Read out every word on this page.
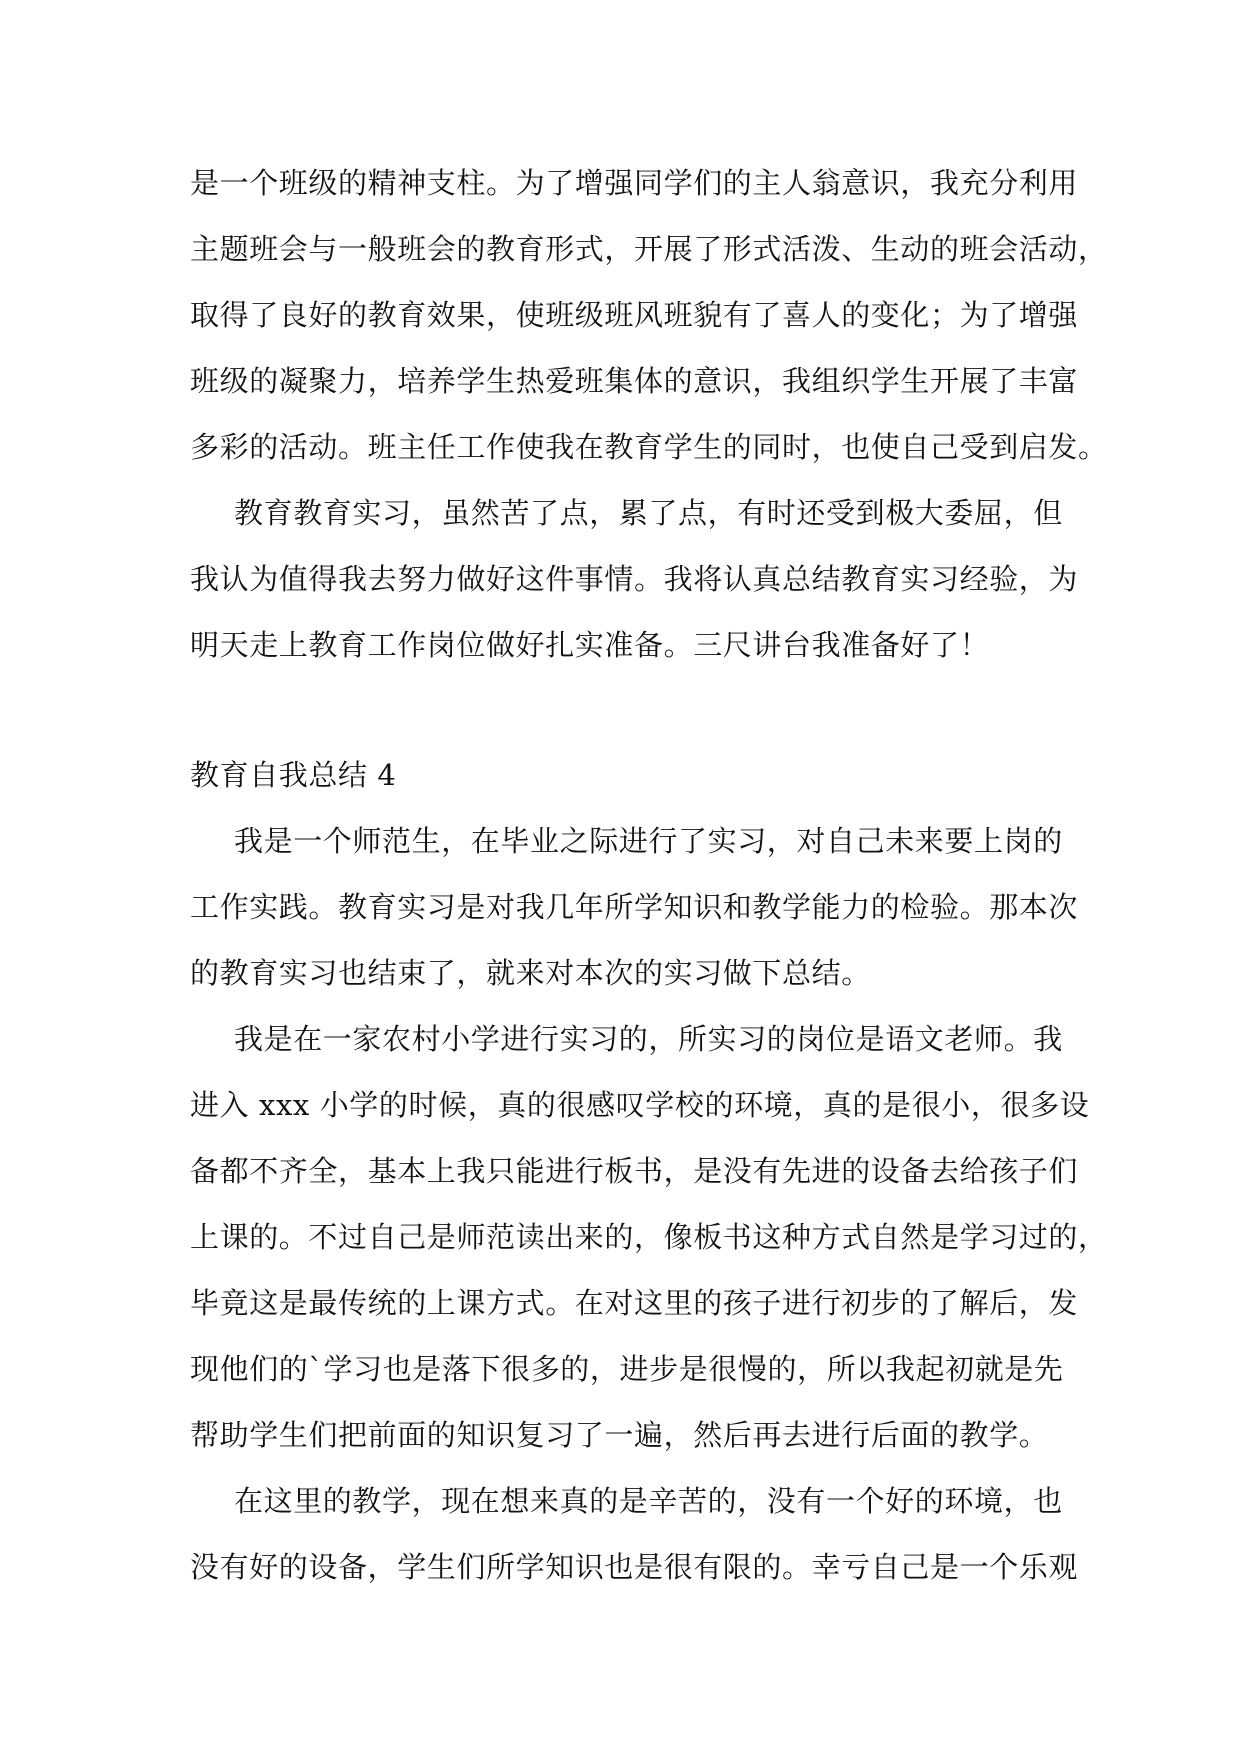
是一个班级的精神支柱。为了增强同学们的主人翁意识，我充分利用
主题班会与一般班会的教育形式，开展了形式活泼、生动的班会活动，
取得了良好的教育效果，使班级班风班貌有了喜人的变化；为了增强
班级的凝聚力，培养学生热爱班集体的意识，我组织学生开展了丰富
多彩的活动。班主任工作使我在教育学生的同时，也使自己受到启发。
教育教育实习，虽然苦了点，累了点，有时还受到极大委屈，但
我认为值得我去努力做好这件事情。我将认真总结教育实习经验，为
明天走上教育工作岗位做好扎实准备。三尺讲台我准备好了！
教育自我总结 4
我是一个师范生，在毕业之际进行了实习，对自己未来要上岗的
工作实践。教育实习是对我几年所学知识和教学能力的检验。那本次
的教育实习也结束了，就来对本次的实习做下总结。
我是在一家农村小学进行实习的，所实习的岗位是语文老师。我
进入 xxx 小学的时候，真的很感叹学校的环境，真的是很小，很多设
备都不齐全，基本上我只能进行板书，是没有先进的设备去给孩子们
上课的。不过自己是师范读出来的，像板书这种方式自然是学习过的，
毕竟这是最传统的上课方式。在对这里的孩子进行初步的了解后，发
现他们的`学习也是落下很多的，进步是很慢的，所以我起初就是先
帮助学生们把前面的知识复习了一遍，然后再去进行后面的教学。
在这里的教学，现在想来真的是辛苦的，没有一个好的环境，也
没有好的设备，学生们所学知识也是很有限的。幸亏自己是一个乐观
